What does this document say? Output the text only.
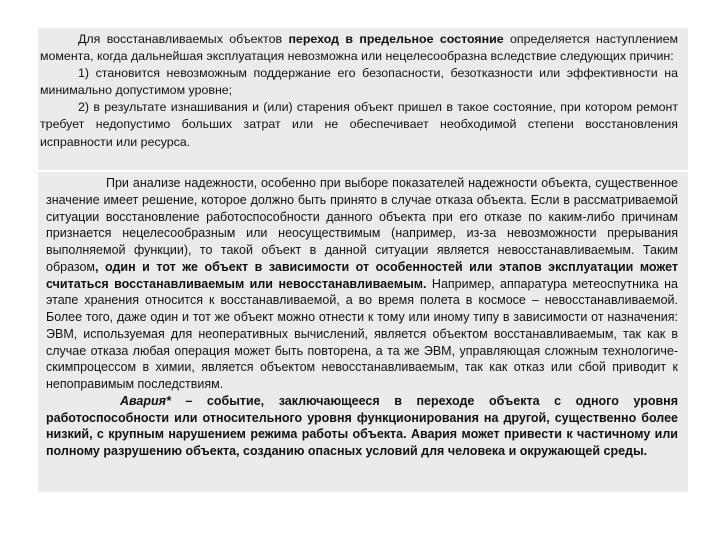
Для восстанавливаемых объектов переход в предельное состояние определяется наступлением момента, когда дальнейшая эксплуатация невозможна или нецелесообразна вследствие следующих причин:

1) становится невозможным поддержание его безопасности, безотказности или эффективности на минимально допустимом уровне;

2) в результате изнашивания и (или) старения объект пришел в такое состояние, при котором ремонт требует недопустимо больших затрат или не обеспечивает необходимой степени восстановления исправности или ресурса.

При анализе надежности, особенно при выборе показателей надежности объекта, существенное значение имеет решение, которое должно быть принято в случае отказа объекта. Если в рассматриваемой ситуации восстановление работоспособности данного объекта при его отказе по каким-либо причинам признается нецелесообразным или неосуществимым (например, из-за невозможности прерывания выполняемой функции), то такой объект в данной ситуации является невосстанавливаемым. Таким образом, один и тот же объект в зависимости от особенностей или этапов эксплуатации может считаться восстанавливаемым или невосстанавливаемым. Например, аппаратура метеоспутника на этапе хранения относится к восстанавливаемой, а во время полета в космосе – невосстанавливаемой. Более того, даже один и тот же объект можно отнести к тому или иному типу в зависимости от назначения: ЭВМ, используемая для неоперативных вычислений, является объектом восстанавливаемым, так как в случае отказа любая операция может быть повторена, а та же ЭВМ, управляющая сложным технологиче-скимпроцессом в химии, является объектом невосстанавливаемым, так как отказ или сбой приводит к непоправимым последствиям.

Авария* – событие, заключающееся в переходе объекта с одного уровня работоспособности или относительного уровня функционирования на другой, существенно более низкий, с крупным нарушением режима работы объекта. Авария может привести к частичному или полному разрушению объекта, созданию опасных условий для человека и окружающей среды.
